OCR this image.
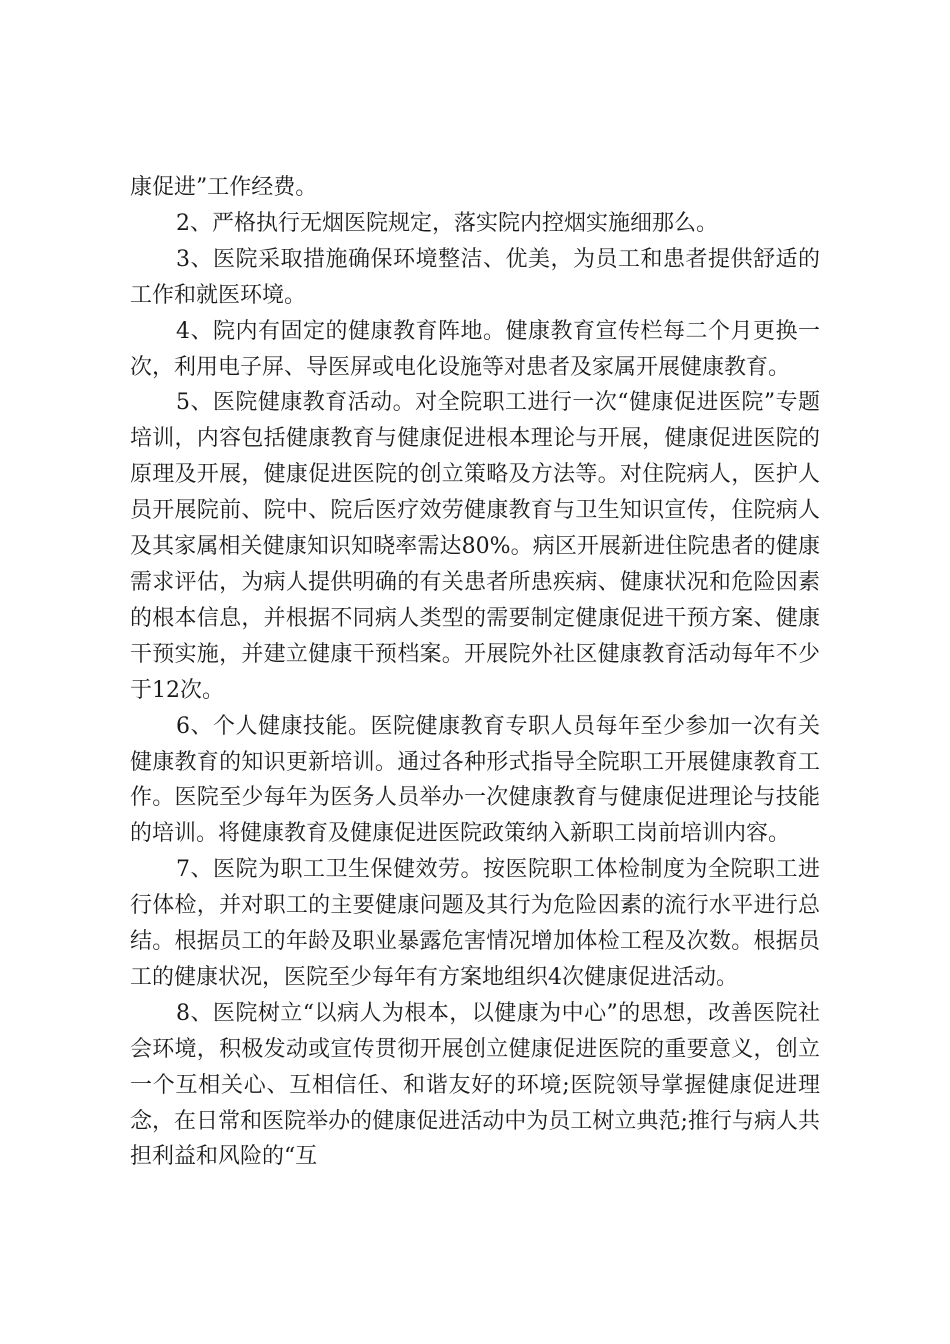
康促进”工作经费。

2、严格执行无烟医院规定，落实院内控烟实施细那么。

3、医院采取措施确保环境整洁、优美，为员工和患者提供舒适的工作和就医环境。

4、院内有固定的健康教育阵地。健康教育宣传栏每二个月更换一次，利用电子屏、导医屏或电化设施等对患者及家属开展健康教育。

5、医院健康教育活动。对全院职工进行一次“健康促进医院”专题培训，内容包括健康教育与健康促进根本理论与开展，健康促进医院的原理及开展，健康促进医院的创立策略及方法等。对住院病人，医护人员开展院前、院中、院后医疗效劳健康教育与卫生知识宣传，住院病人及其家属相关健康知识知晓率需达80%。病区开展新进住院患者的健康需求评估，为病人提供明确的有关患者所患疾病、健康状况和危险因素的根本信息，并根据不同病人类型的需要制定健康促进干预方案、健康干预实施，并建立健康干预档案。开展院外社区健康教育活动每年不少于12次。

6、个人健康技能。医院健康教育专职人员每年至少参加一次有关健康教育的知识更新培训。通过各种形式指导全院职工开展健康教育工作。医院至少每年为医务人员举办一次健康教育与健康促进理论与技能的培训。将健康教育及健康促进医院政策纳入新职工岗前培训内容。

7、医院为职工卫生保健效劳。按医院职工体检制度为全院职工进行体检，并对职工的主要健康问题及其行为危险因素的流行水平进行总结。根据员工的年龄及职业暴露危害情况增加体检工程及次数。根据员工的健康状况，医院至少每年有方案地组织4次健康促进活动。

8、医院树立“以病人为根本，以健康为中心”的思想，改善医院社会环境，积极发动或宣传贯彻开展创立健康促进医院的重要意义，创立一个互相关心、互相信任、和谐友好的环境;医院领导掌握健康促进理念，在日常和医院举办的健康促进活动中为员工树立典范;推行与病人共担利益和风险的“互
